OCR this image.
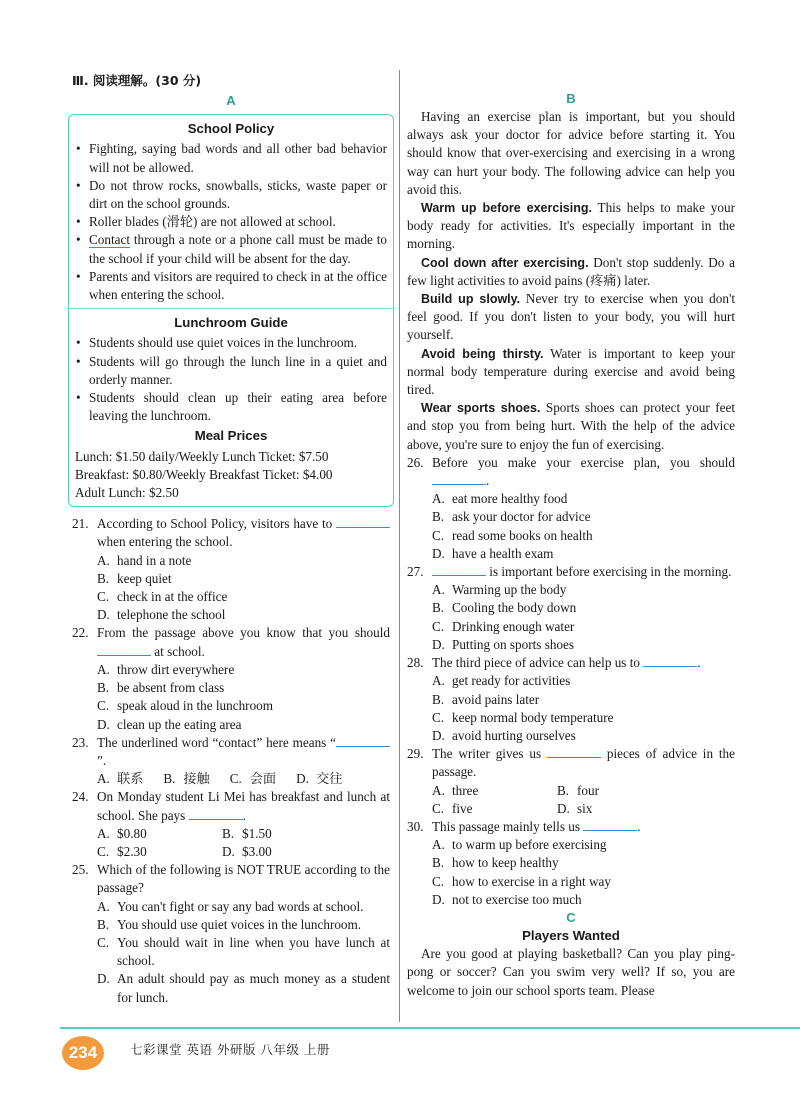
Ⅲ. 阅读理解。(30 分)
A
School Policy
• Fighting, saying bad words and all other bad behavior will not be allowed.
• Do not throw rocks, snowballs, sticks, waste paper or dirt on the school grounds.
• Roller blades (滑轮) are not allowed at school.
• Contact through a note or a phone call must be made to the school if your child will be absent for the day.
• Parents and visitors are required to check in at the office when entering the school.
Lunchroom Guide
• Students should use quiet voices in the lunchroom.
• Students will go through the lunch line in a quiet and orderly manner.
• Students should clean up their eating area before leaving the lunchroom.
Meal Prices
Lunch: $1.50 daily/Weekly Lunch Ticket: $7.50
Breakfast: $0.80/Weekly Breakfast Ticket: $4.00
Adult Lunch: $2.50
21. According to School Policy, visitors have to  when entering the school.
A. hand in a note
B. keep quiet
C. check in at the office
D. telephone the school
22. From the passage above you know that you should  at school.
A. throw dirt everywhere
B. be absent from class
C. speak aloud in the lunchroom
D. clean up the eating area
23. The underlined word “contact” here means “”.
A. 联系 B. 接触 C. 会面 D. 交往
24. On Monday student Li Mei has breakfast and lunch at school. She pays	.
A. $0.80	B. $1.50
C. $2.30	D. $3.00
25. Which of the following is NOT TRUE according to the passage?
A. You can't fight or say any bad words at school.
B. You should use quiet voices in the lunchroom.
C. You should wait in line when you have lunch at school.
D. An adult should pay as much money as a student for lunch.
B

Having an exercise plan is important, but you should always ask your doctor for advice before starting it. You should know that over-exercising and exercising in a wrong way can hurt your body. The following advice can help you avoid this.

Warm up before exercising. This helps to make your body ready for activities. It's especially important in the morning.

Cool down after exercising. Don't stop suddenly. Do a few light activities to avoid pains (疼痛) later.

Build up slowly. Never try to exercise when you don't feel good. If you don't listen to your body, you will hurt yourself.

Avoid being thirsty. Water is important to keep your normal body temperature during exercise and avoid being tired.

Wear sports shoes. Sports shoes can protect your feet and stop you from being hurt. With the help of the advice above, you're sure to enjoy the fun of exercising.

26. Before you make your exercise plan, you should .
A. eat more healthy food
B. ask your doctor for advice
C. read some books on health
D. have a health exam
27.	is important before exercising in the morning.
A. Warming up the body
B. Cooling the body down
C. Drinking enough water
D. Putting on sports shoes
28. The third piece of advice can help us to	.
A. get ready for activities
B. avoid pains later
C. keep normal body temperature
D. avoid hurting ourselves
29. The writer gives us	pieces of advice in the passage.
A. three	B. four
C. five	D. six
30. This passage mainly tells us	.
A. to warm up before exercising
B. how to keep healthy
C. how to exercise in a right way
D. not to exercise too much
C
Players Wanted

Are you good at playing basketball? Can you play ping-pong or soccer? Can you swim very well? If so, you are welcome to join our school sports team. Please

234	七彩课堂 英语 外研版 八年级 上册
